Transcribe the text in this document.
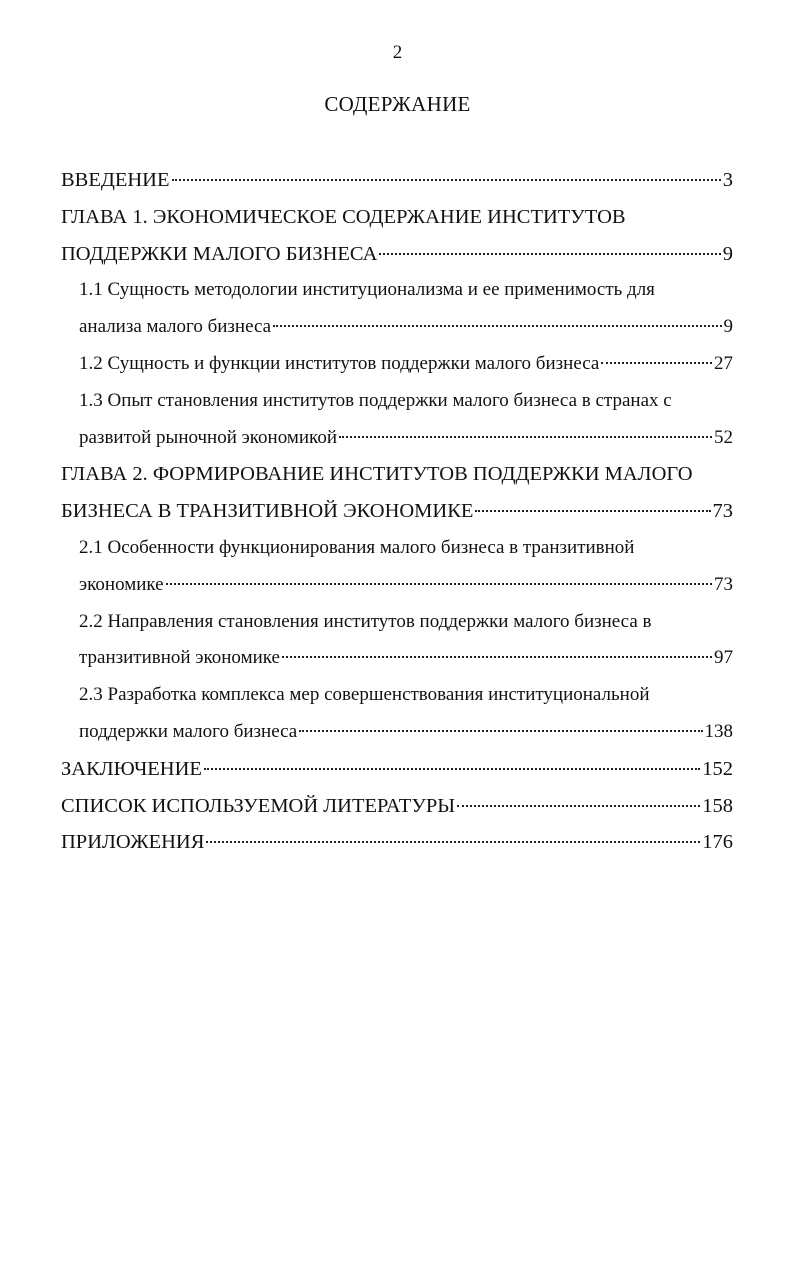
2
СОДЕРЖАНИЕ
ВВЕДЕНИЕ	3
ГЛАВА 1. ЭКОНОМИЧЕСКОЕ СОДЕРЖАНИЕ ИНСТИТУТОВ
ПОДДЕРЖКИ МАЛОГО БИЗНЕСА	9
1.1 Сущность методологии институционализма и ее применимость для
анализа малого бизнеса	9
1.2 Сущность и функции институтов поддержки малого бизнеса	27
1.3 Опыт становления институтов поддержки малого бизнеса в странах с
развитой рыночной экономикой	52
ГЛАВА 2. ФОРМИРОВАНИЕ ИНСТИТУТОВ ПОДДЕРЖКИ МАЛОГО
БИЗНЕСА В ТРАНЗИТИВНОЙ ЭКОНОМИКЕ	73
2.1 Особенности функционирования малого бизнеса в транзитивной
экономике	73
2.2 Направления становления институтов поддержки малого бизнеса в
транзитивной экономике	97
2.3 Разработка комплекса мер совершенствования институциональной
поддержки малого бизнеса	138
ЗАКЛЮЧЕНИЕ	152
СПИСОК ИСПОЛЬЗУЕМОЙ ЛИТЕРАТУРЫ	158
ПРИЛОЖЕНИЯ	176
